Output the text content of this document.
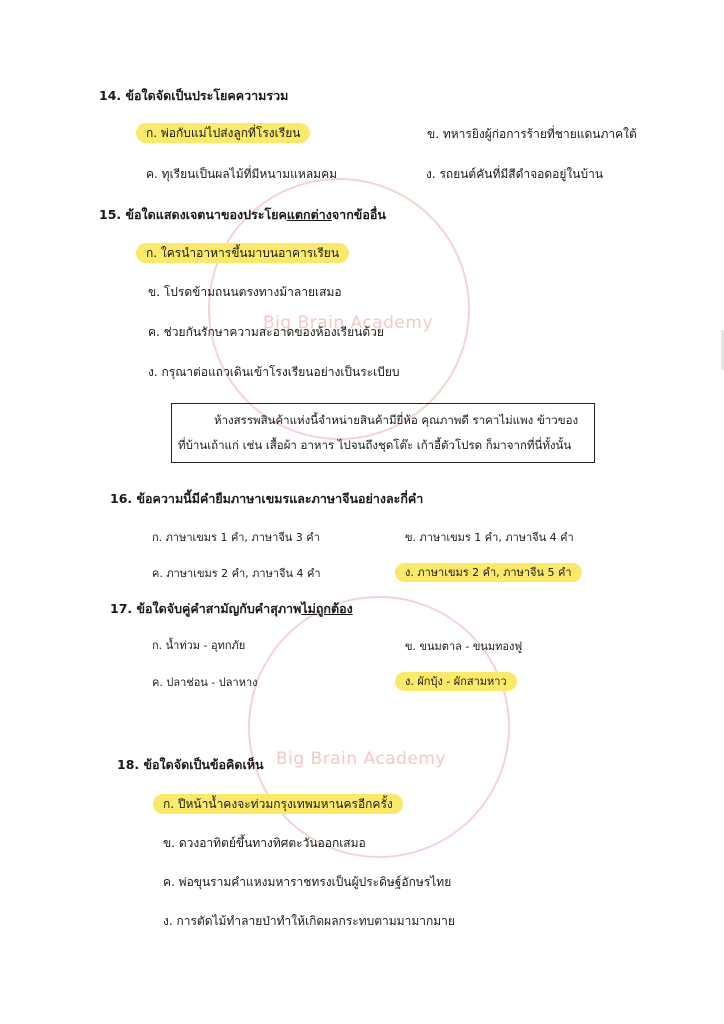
Big Brain Academy
Big Brain Academy
14. ข้อใดจัดเป็นประโยคความรวม
ก. พ่อกับแม่ไปส่งลูกที่โรงเรียน	ข. ทหารยิงผู้ก่อการร้ายที่ชายแดนภาคใต้
ค. ทุเรียนเป็นผลไม้ที่มีหนามแหลมคม	ง. รถยนต์คันที่มีสีดำจอดอยู่ในบ้าน
15. ข้อใดแสดงเจตนาของประโยคแตกต่างจากข้ออื่น
ก. ใครนำอาหารขึ้นมาบนอาคารเรียน
ข. โปรดข้ามถนนตรงทางม้าลายเสมอ
ค. ช่วยกันรักษาความสะอาดของห้องเรียนด้วย
ง. กรุณาต่อแถวเดินเข้าโรงเรียนอย่างเป็นระเบียบ
ห้างสรรพสินค้าแห่งนี้จำหน่ายสินค้ามียี่ห้อ คุณภาพดี ราคาไม่แพง ข้าวของ
ที่บ้านเถ้าแก่ เช่น เสื้อผ้า อาหาร ไปจนถึงชุดโต๊ะ เก้าอี้ตัวโปรด ก็มาจากที่นี่ทั้งนั้น
16. ข้อความนี้มีคำยืมภาษาเขมรและภาษาจีนอย่างละกี่คำ
ก. ภาษาเขมร 1 คำ, ภาษาจีน 3 คำ	ข. ภาษาเขมร 1 คำ, ภาษาจีน 4 คำ
ค. ภาษาเขมร 2 คำ, ภาษาจีน 4 คำ	ง. ภาษาเขมร 2 คำ, ภาษาจีน 5 คำ
17. ข้อใดจับคู่คำสามัญกับคำสุภาพไม่ถูกต้อง
ก. น้ำท่วม - อุทกภัย	ข. ขนมตาล - ขนมทองฟู
ค. ปลาช่อน - ปลาหาง	ง. ผักบุ้ง - ผักสามหาว
18. ข้อใดจัดเป็นข้อคิดเห็น
ก. ปีหน้าน้ำคงจะท่วมกรุงเทพมหานครอีกครั้ง
ข. ดวงอาทิตย์ขึ้นทางทิศตะวันออกเสมอ
ค. พ่อขุนรามคำแหงมหาราชทรงเป็นผู้ประดิษฐ์อักษรไทย
ง. การตัดไม้ทำลายป่าทำให้เกิดผลกระทบตามมามากมาย
